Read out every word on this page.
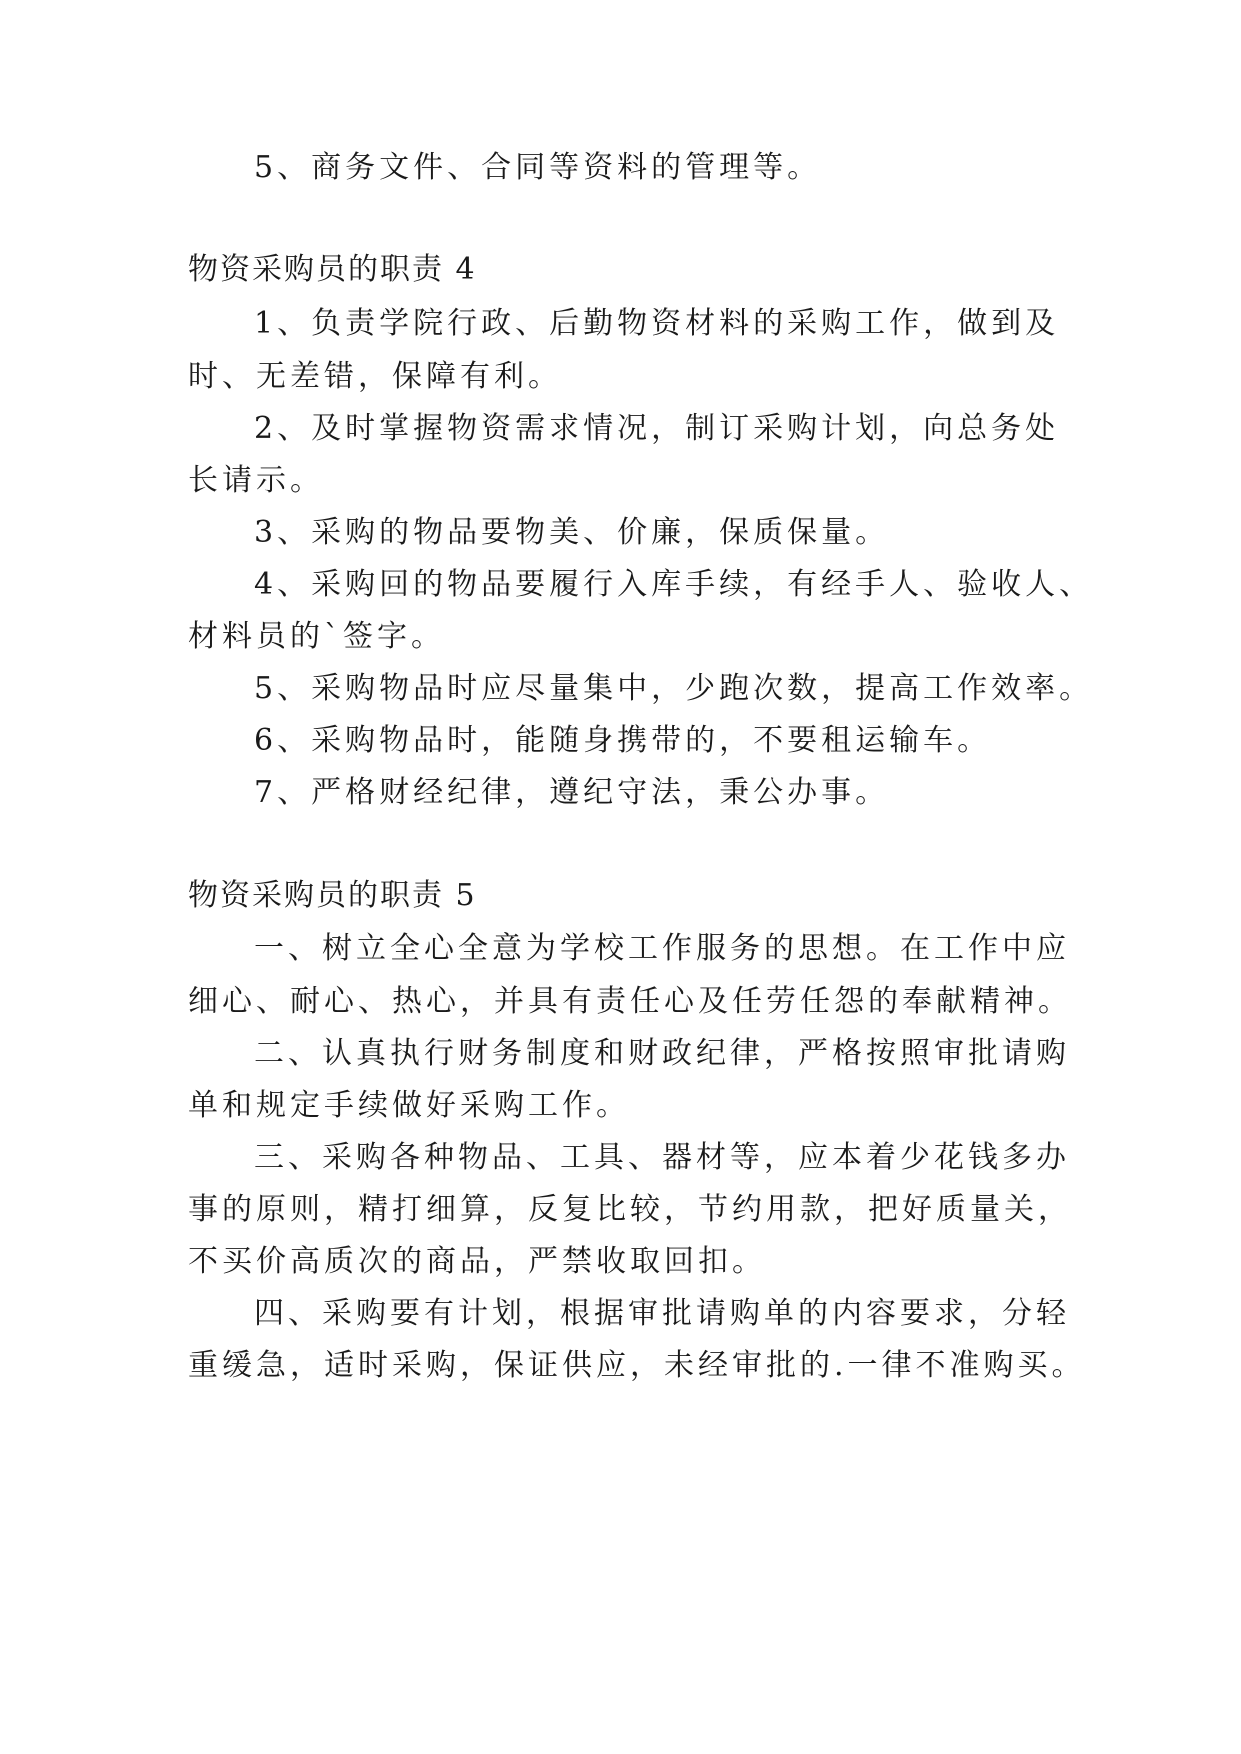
5、商务文件、合同等资料的管理等。
物资采购员的职责 4
1、负责学院行政、后勤物资材料的采购工作，做到及
时、无差错，保障有利。
2、及时掌握物资需求情况，制订采购计划，向总务处
长请示。
3、采购的物品要物美、价廉，保质保量。
4、采购回的物品要履行入库手续，有经手人、验收人、
材料员的`签字。
5、采购物品时应尽量集中，少跑次数，提高工作效率。
6、采购物品时，能随身携带的，不要租运输车。
7、严格财经纪律，遵纪守法，秉公办事。
物资采购员的职责 5
一、树立全心全意为学校工作服务的思想。在工作中应
细心、耐心、热心，并具有责任心及任劳任怨的奉献精神。
二、认真执行财务制度和财政纪律，严格按照审批请购
单和规定手续做好采购工作。
三、采购各种物品、工具、器材等，应本着少花钱多办
事的原则，精打细算，反复比较，节约用款，把好质量关，
不买价高质次的商品，严禁收取回扣。
四、采购要有计划，根据审批请购单的内容要求，分轻
重缓急，适时采购，保证供应，未经审批的.一律不准购买。
